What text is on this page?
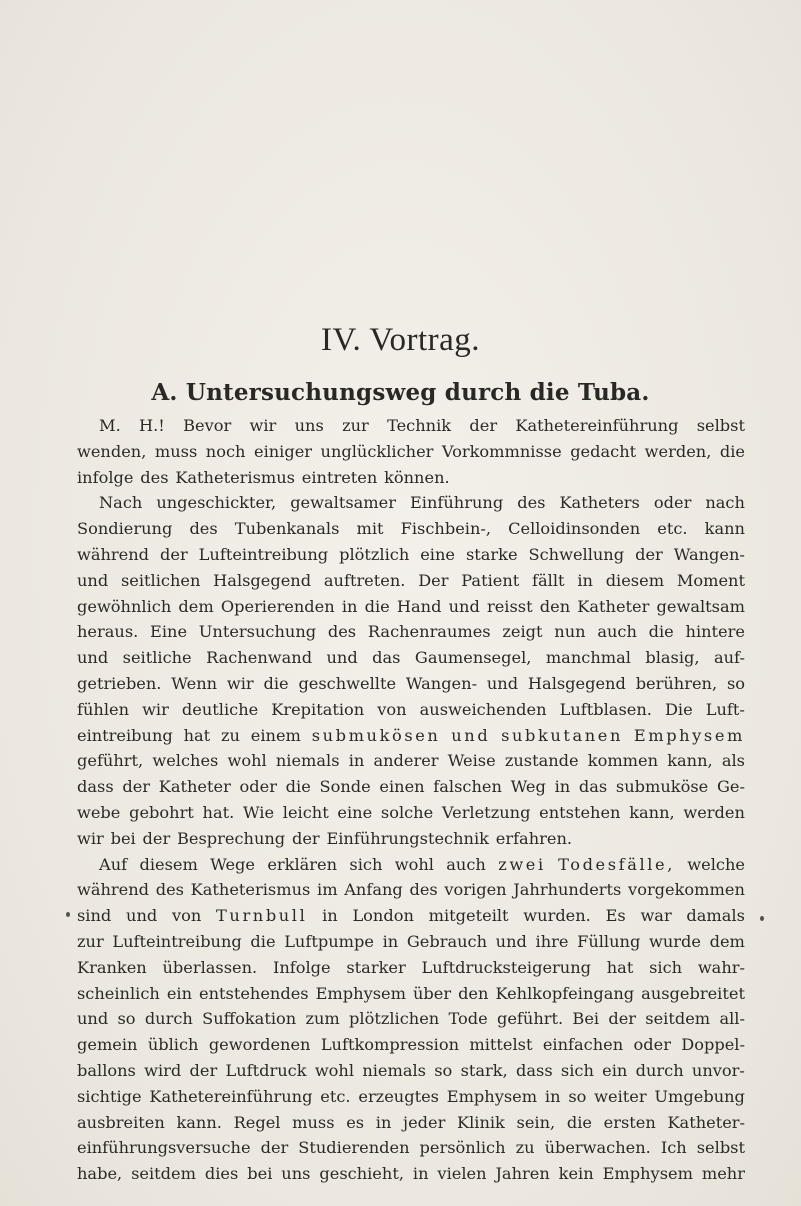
IV. Vortrag.
A. Untersuchungsweg durch die Tuba.
M. H.! Bevor wir uns zur Technik der Kathetereinführung selbst
wenden, muss noch einiger unglücklicher Vorkommnisse gedacht werden, die
infolge des Katheterismus eintreten können.
Nach ungeschickter, gewaltsamer Einführung des Katheters oder nach
Sondierung des Tubenkanals mit Fischbein-, Celloidinsonden etc. kann
während der Lufteintreibung plötzlich eine starke Schwellung der Wangen-
und seitlichen Halsgegend auftreten. Der Patient fällt in diesem Moment
gewöhnlich dem Operierenden in die Hand und reisst den Katheter gewaltsam
heraus. Eine Untersuchung des Rachenraumes zeigt nun auch die hintere
und seitliche Rachenwand und das Gaumensegel, manchmal blasig, auf-
getrieben. Wenn wir die geschwellte Wangen- und Halsgegend berühren, so
fühlen wir deutliche Krepitation von ausweichenden Luftblasen. Die Luft-
eintreibung hat zu einem submukösen und subkutanen Emphysem
geführt, welches wohl niemals in anderer Weise zustande kommen kann, als
dass der Katheter oder die Sonde einen falschen Weg in das submuköse Ge-
webe gebohrt hat. Wie leicht eine solche Verletzung entstehen kann, werden
wir bei der Besprechung der Einführungstechnik erfahren.
Auf diesem Wege erklären sich wohl auch zwei Todesfälle, welche
während des Katheterismus im Anfang des vorigen Jahrhunderts vorgekommen
sind und von Turnbull in London mitgeteilt wurden. Es war damals
zur Lufteintreibung die Luftpumpe in Gebrauch und ihre Füllung wurde dem
Kranken überlassen. Infolge starker Luftdrucksteigerung hat sich wahr-
scheinlich ein entstehendes Emphysem über den Kehlkopfeingang ausgebreitet
und so durch Suffokation zum plötzlichen Tode geführt. Bei der seitdem all-
gemein üblich gewordenen Luftkompression mittelst einfachen oder Doppel-
ballons wird der Luftdruck wohl niemals so stark, dass sich ein durch unvor-
sichtige Kathetereinführung etc. erzeugtes Emphysem in so weiter Umgebung
ausbreiten kann. Regel muss es in jeder Klinik sein, die ersten Katheter-
einführungsversuche der Studierenden persönlich zu überwachen. Ich selbst
habe, seitdem dies bei uns geschieht, in vielen Jahren kein Emphysem mehr
